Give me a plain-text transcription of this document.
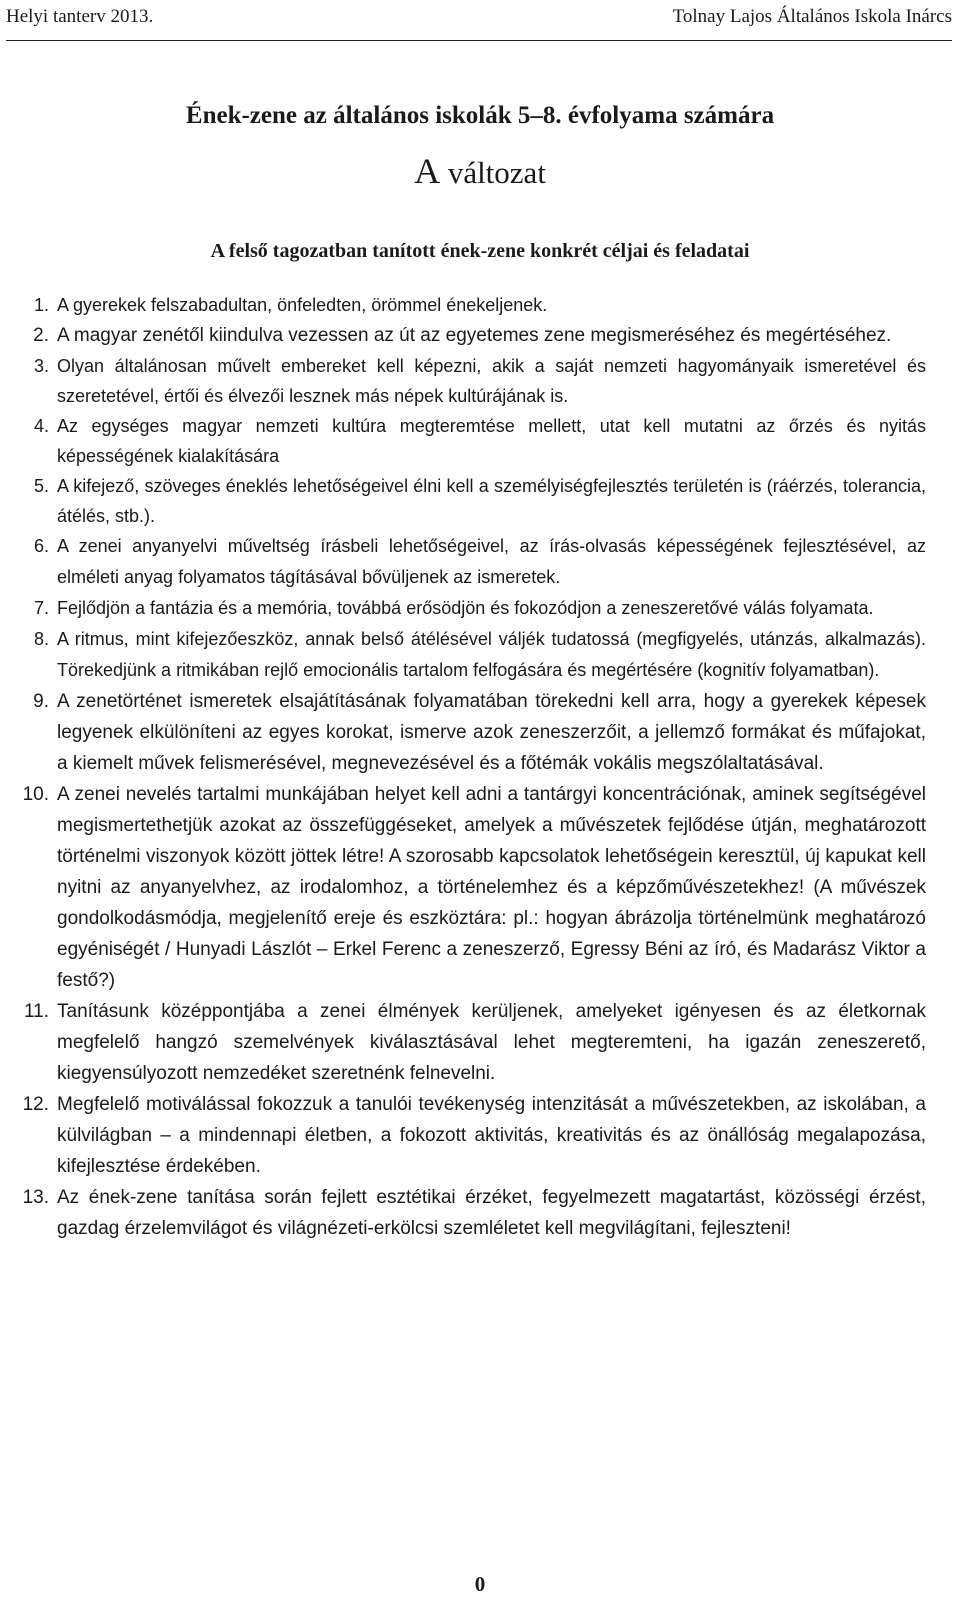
Helyi tanterv 2013.	Tolnay Lajos Általános Iskola Inárcs
Ének-zene az általános iskolák 5–8. évfolyama számára
A változat
A felső tagozatban tanított ének-zene konkrét céljai és feladatai
1. A gyerekek felszabadultan, önfeledten, örömmel énekeljenek.
2. A magyar zenétől kiindulva vezessen az út az egyetemes zene megismeréséhez és megértéséhez.
3. Olyan általánosan művelt embereket kell képezni, akik a saját nemzeti hagyományaik ismeretével és szeretetével, értői és élvezői lesznek más népek kultúrájának is.
4. Az egységes magyar nemzeti kultúra megteremtése mellett, utat kell mutatni az őrzés és nyitás képességének kialakítására
5. A kifejező, szöveges éneklés lehetőségeivel élni kell a személyiségfejlesztés területén is (ráérzés, tolerancia, átélés, stb.).
6. A zenei anyanyelvi műveltség írásbeli lehetőségeivel, az írás-olvasás képességének fejlesztésével, az elméleti anyag folyamatos tágításával bővüljenek az ismeretek.
7. Fejlődjön a fantázia és a memória, továbbá erősödjön és fokozódjon a zeneszeretővé válás folyamata.
8. A ritmus, mint kifejezőeszköz, annak belső átélésével váljék tudatossá (megfigyelés, utánzás, alkalmazás). Törekedjünk a ritmikában rejlő emocionális tartalom felfogására és megértésére (kognitív folyamatban).
9. A zenetörténet ismeretek elsajátításának folyamatában törekedni kell arra, hogy a gyerekek képesek legyenek elkülöníteni az egyes korokat, ismerve azok zeneszerzőit, a jellemző formákat és műfajokat, a kiemelt művek felismerésével, megnevezésével és a főtémák vokális megszólaltatásával.
10. A zenei nevelés tartalmi munkájában helyet kell adni a tantárgyi koncentrációnak, aminek segítségével megismertethetjük azokat az összefüggéseket, amelyek a művészetek fejlődése útján, meghatározott történelmi viszonyok között jöttek létre! A szorosabb kapcsolatok lehetőségein keresztül, új kapukat kell nyitni az anyanyelvhez, az irodalomhoz, a történelemhez és a képzőművészetekhez! (A művészek gondolkodásmódja, megjelenítő ereje és eszköztára: pl.: hogyan ábrázolja történelmünk meghatározó egyéniségét / Hunyadi Lászlót – Erkel Ferenc a zeneszerző, Egressy Béni az író, és Madarász Viktor a festő?)
11. Tanításunk középpontjába a zenei élmények kerüljenek, amelyeket igényesen és az életkornak megfelelő hangzó szemelvények kiválasztásával lehet megteremteni, ha igazán zeneszerető, kiegyensúlyozott nemzedéket szeretnénk felnevelni.
12. Megfelelő motiválással fokozzuk a tanulói tevékenység intenzitását a művészetekben, az iskolában, a külvilágban – a mindennapi életben, a fokozott aktivitás, kreativitás és az önállóság megalapozása, kifejlesztése érdekében.
13. Az ének-zene tanítása során fejlett esztétikai érzéket, fegyelmezett magatartást, közösségi érzést, gazdag érzelemvilágot és világnézeti-erkölcsi szemléletet kell megvilágítani, fejleszteni!
0
